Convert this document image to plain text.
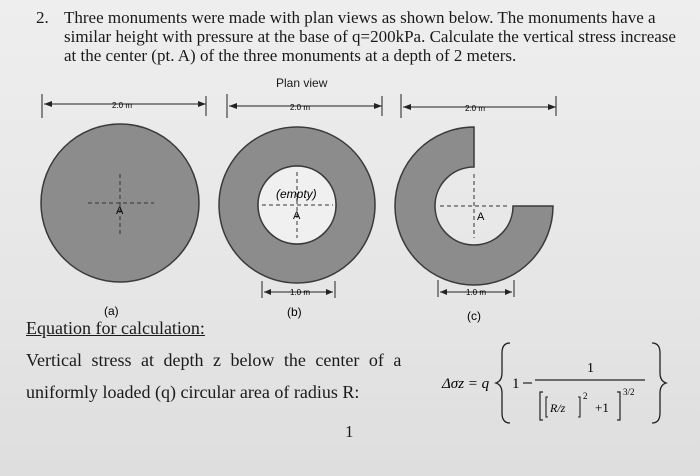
2. Three monuments were made with plan views as shown below. The monuments have a similar height with pressure at the base of q=200kPa. Calculate the vertical stress increase at the center (pt. A) of the three monuments at a depth of 2 meters.
Plan view
2.0 m	2.0 m	2.0 m
A
(empty)
A	A
1.0 m	1.0 m
(a)	(b)	(c)
Equation for calculation:
Vertical stress at depth z below the center of a
uniformly loaded (q) circular area of radius R:
1
Δσz = q 1
1
R/z
2
+1
3/2
